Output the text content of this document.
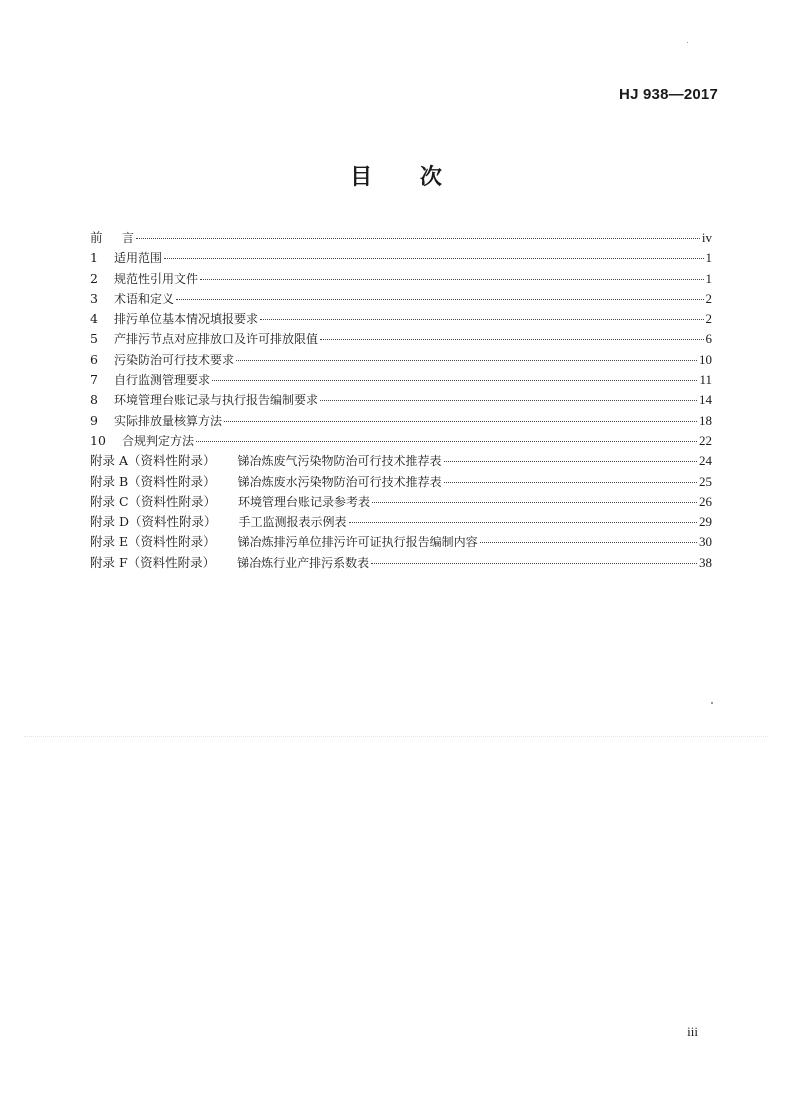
HJ 938—2017
目 次
前	言	iv
1	适用范围	1
2	规范性引用文件	1
3	术语和定义	2
4	排污单位基本情况填报要求	2
5	产排污节点对应排放口及许可排放限值	6
6	污染防治可行技术要求	10
7	自行监测管理要求	11
8	环境管理台账记录与执行报告编制要求	14
9	实际排放量核算方法	18
10	合规判定方法	22
附录 A（资料性附录） 锑冶炼废气污染物防治可行技术推荐表	24
附录 B（资料性附录） 锑冶炼废水污染物防治可行技术推荐表	25
附录 C（资料性附录） 环境管理台账记录参考表	26
附录 D（资料性附录） 手工监测报表示例表	29
附录 E（资料性附录） 锑冶炼排污单位排污许可证执行报告编制内容	30
附录 F（资料性附录） 锑冶炼行业产排污系数表	38
iii
